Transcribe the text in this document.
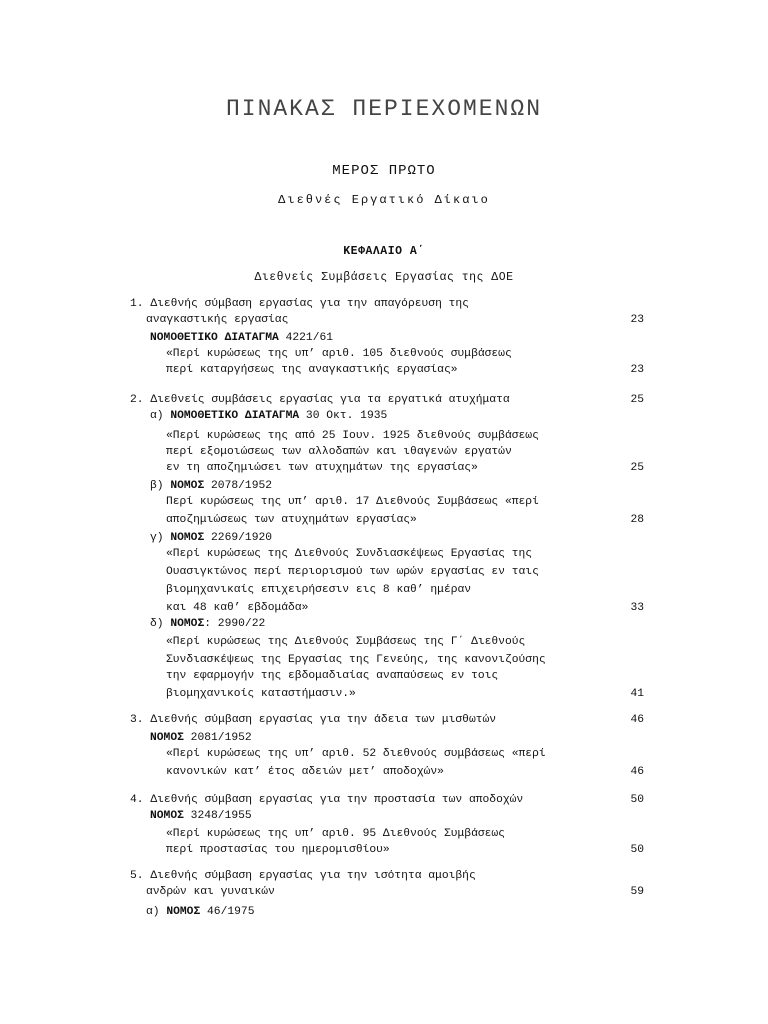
ΠΙΝΑΚΑΣ ΠΕΡΙΕΧΟΜΕΝΩΝ
ΜΕΡΟΣ ΠΡΩΤΟ
Διεθνές Εργατικό Δίκαιο
ΚΕΦΑΛΑΙΟ Α΄
Διεθνείς Συμβάσεις Εργασίας της ΔΟΕ
1. Διεθνής σύμβαση εργασίας για την απαγόρευση της
αναγκαστικής εργασίας	23
ΝΟΜΟΘΕΤΙΚΟ ΔΙΑΤΑΓΜΑ 4221/61
«Περί κυρώσεως της υπ’ αριθ. 105 διεθνούς συμβάσεως
περί καταργήσεως της αναγκαστικής εργασίας»	23
2. Διεθνείς συμβάσεις εργασίας για τα εργατικά ατυχήματα	25
α) ΝΟΜΟΘΕΤΙΚΟ ΔΙΑΤΑΓΜΑ 30 Οκτ. 1935
«Περί κυρώσεως της από 25 Ιουν. 1925 διεθνούς συμβάσεως
περί εξομοιώσεως των αλλοδαπών και ιθαγενών εργατών
εν τη αποζημιώσει των ατυχημάτων της εργασίας»	25
β) ΝΟΜΟΣ 2078/1952
Περί κυρώσεως της υπ’ αριθ. 17 Διεθνούς Συμβάσεως «περί
αποζημιώσεως των ατυχημάτων εργασίας»	28
γ) ΝΟΜΟΣ 2269/1920
«Περί κυρώσεως της Διεθνούς Συνδιασκέψεως Εργασίας της
Ουασιγκτώνος περί περιορισμού των ωρών εργασίας εν ταις
βιομηχανικαίς επιχειρήσεσιν εις 8 καθ’ ημέραν
και 48 καθ’ εβδομάδα»	33
δ) ΝΟΜΟΣ: 2990/22
«Περί κυρώσεως της Διεθνούς Συμβάσεως της Γ΄ Διεθνούς
Συνδιασκέψεως της Εργασίας της Γενεύης, της κανονιζούσης
την εφαρμογήν της εβδομαδιαίας αναπαύσεως εν τοις
βιομηχανικοίς καταστήμασιν.»	41
3. Διεθνής σύμβαση εργασίας για την άδεια των μισθωτών	46
ΝΟΜΟΣ 2081/1952
«Περί κυρώσεως της υπ’ αριθ. 52 διεθνούς συμβάσεως «περί
κανονικών κατ’ έτος αδειών μετ’ αποδοχών»	46
4. Διεθνής σύμβαση εργασίας για την προστασία των αποδοχών	50
ΝΟΜΟΣ 3248/1955
«Περί κυρώσεως της υπ’ αριθ. 95 Διεθνούς Συμβάσεως
περί προστασίας του ημερομισθίου»	50
5. Διεθνής σύμβαση εργασίας για την ισότητα αμοιβής
ανδρών και γυναικών	59
α) ΝΟΜΟΣ 46/1975
